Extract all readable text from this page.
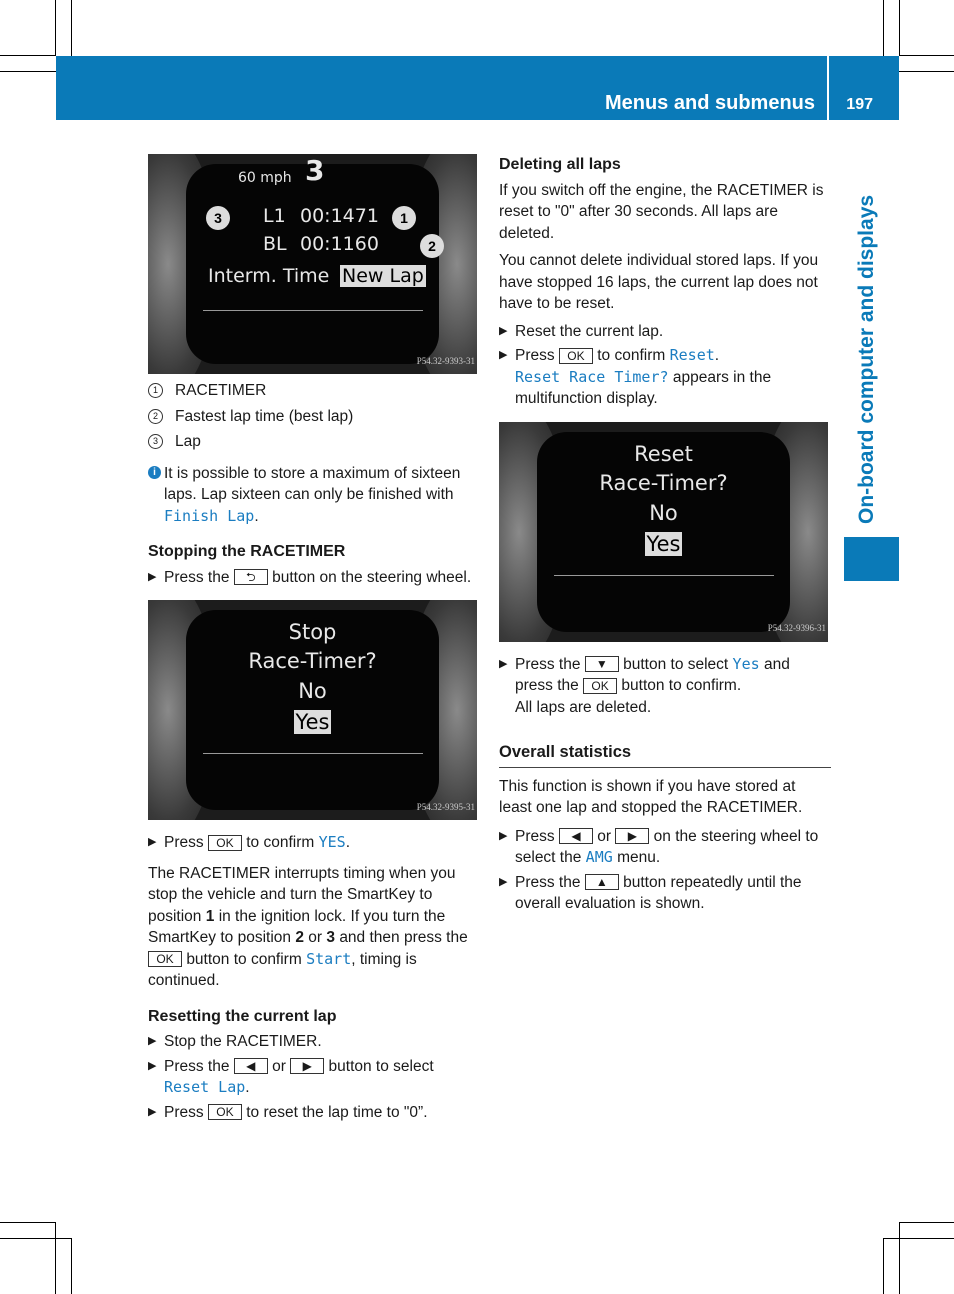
Menus and submenus 197
On-board computer and displays
60 mph 3
L1 00:1471
BL 00:1160
Interm. Time New Lap
3	1
2
P54.32-9393-31
1	RACETIMER
2	Fastest lap time (best lap)
3	Lap
i It is possible to store a maximum of sixteen laps. Lap sixteen can only be finished with Finish Lap.

Stopping the RACETIMER

▶ Press the ⮌ button on the steering wheel.
Stop
Race-Timer?
No
Yes
P54.32-9395-31
▶ Press OK to confirm YES.

The RACETIMER interrupts timing when you stop the vehicle and turn the SmartKey to position 1 in the ignition lock. If you turn the SmartKey to position 2 or 3 and then press the OK button to confirm Start, timing is continued.

Resetting the current lap

▶ Stop the RACETIMER.
▶ Press the ◀ or ▶ button to select Reset Lap.
▶ Press OK to reset the lap time to "0”.

Deleting all laps

If you switch off the engine, the RACETIMER is reset to "0" after 30 seconds. All laps are deleted.

You cannot delete individual stored laps. If you have stopped 16 laps, the current lap does not have to be reset.

▶ Reset the current lap.
▶ Press OK to confirm Reset.
Reset Race Timer? appears in the multifunction display.
Reset
Race-Timer?
No
Yes
P54.32-9396-31
▶ Press the ▼ button to select Yes and press the OK button to confirm.
All laps are deleted.

Overall statistics

This function is shown if you have stored at least one lap and stopped the RACETIMER.

▶ Press ◀ or ▶ on the steering wheel to select the AMG menu.
▶ Press the ▲ button repeatedly until the overall evaluation is shown.
